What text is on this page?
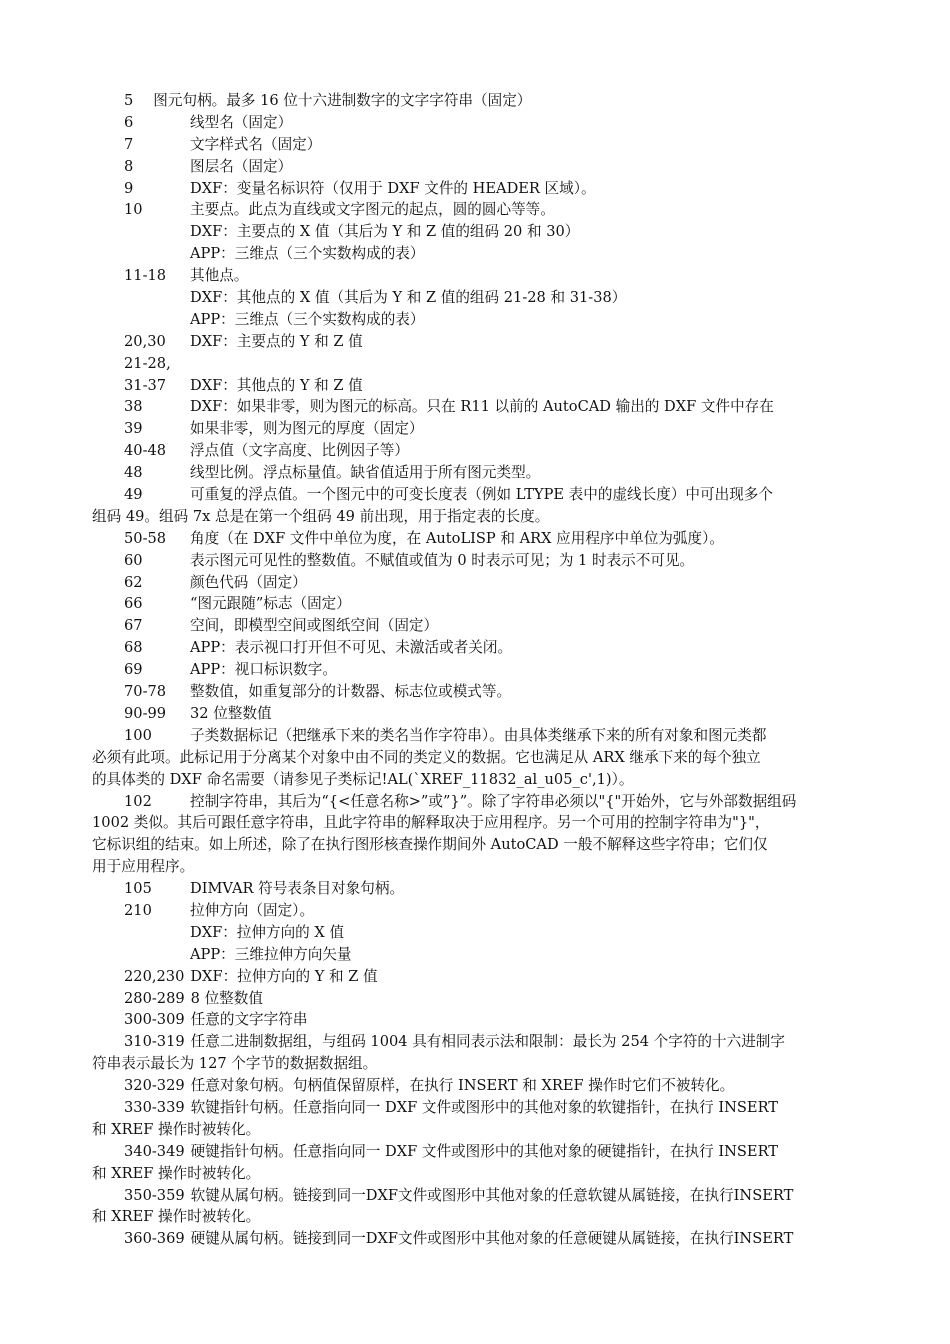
5 图元句柄。最多 16 位十六进制数字的文字字符串（固定）
6	线型名（固定）
7	文字样式名（固定）
8	图层名（固定）
9	DXF：变量名标识符（仅用于 DXF 文件的 HEADER 区域）。
10	主要点。此点为直线或文字图元的起点，圆的圆心等等。
DXF：主要点的 X 值（其后为 Y 和 Z 值的组码 20 和 30）
APP：三维点（三个实数构成的表）
11-18 其他点。
DXF：其他点的 X 值（其后为 Y 和 Z 值的组码 21-28 和 31-38）
APP：三维点（三个实数构成的表）
20,30 DXF：主要点的 Y 和 Z 值
21-28,
31-37 DXF：其他点的 Y 和 Z 值
38	DXF：如果非零，则为图元的标高。只在 R11 以前的 AutoCAD 输出的 DXF 文件中存在
39	如果非零，则为图元的厚度（固定）
40-48 浮点值（文字高度、比例因子等）
48	线型比例。浮点标量值。缺省值适用于所有图元类型。
49	可重复的浮点值。一个图元中的可变长度表（例如 LTYPE 表中的虚线长度）中可出现多个
组码 49。组码 7x 总是在第一个组码 49 前出现，用于指定表的长度。
50-58 角度（在 DXF 文件中单位为度，在 AutoLISP 和 ARX 应用程序中单位为弧度）。
60	表示图元可见性的整数值。不赋值或值为 0 时表示可见；为 1 时表示不可见。
62	颜色代码（固定）
66	“图元跟随”标志（固定）
67	空间，即模型空间或图纸空间（固定）
68	APP：表示视口打开但不可见、未激活或者关闭。
69	APP：视口标识数字。
70-78 整数值，如重复部分的计数器、标志位或模式等。
90-99 32 位整数值
100	子类数据标记（把继承下来的类名当作字符串）。由具体类继承下来的所有对象和图元类都
必须有此项。此标记用于分离某个对象中由不同的类定义的数据。它也满足从 ARX 继承下来的每个独立
的具体类的 DXF 命名需要（请参见子类标记!AL(`XREF_11832_al_u05_c',1)）。
102	控制字符串，其后为“{<任意名称>”或”}”。除了字符串必须以"{"开始外，它与外部数据组码
1002 类似。其后可跟任意字符串，且此字符串的解释取决于应用程序。另一个可用的控制字符串为"}"，
它标识组的结束。如上所述，除了在执行图形核查操作期间外 AutoCAD 一般不解释这些字符串；它们仅
用于应用程序。
105	DIMVAR 符号表条目对象句柄。
210	拉伸方向（固定）。
DXF：拉伸方向的 X 值
APP：三维拉伸方向矢量
220,230 DXF：拉伸方向的 Y 和 Z 值
280-289 8 位整数值
300-309 任意的文字字符串
310-319 任意二进制数据组，与组码 1004 具有相同表示法和限制：最长为 254 个字符的十六进制字
符串表示最长为 127 个字节的数据数据组。
320-329 任意对象句柄。句柄值保留原样，在执行 INSERT 和 XREF 操作时它们不被转化。
330-339 软键指针句柄。任意指向同一 DXF 文件或图形中的其他对象的软键指针，在执行 INSERT
和 XREF 操作时被转化。
340-349 硬键指针句柄。任意指向同一 DXF 文件或图形中的其他对象的硬键指针，在执行 INSERT
和 XREF 操作时被转化。
350-359 软键从属句柄。链接到同一DXF文件或图形中其他对象的任意软键从属链接，在执行INSERT
和 XREF 操作时被转化。
360-369 硬键从属句柄。链接到同一DXF文件或图形中其他对象的任意硬键从属链接，在执行INSERT
